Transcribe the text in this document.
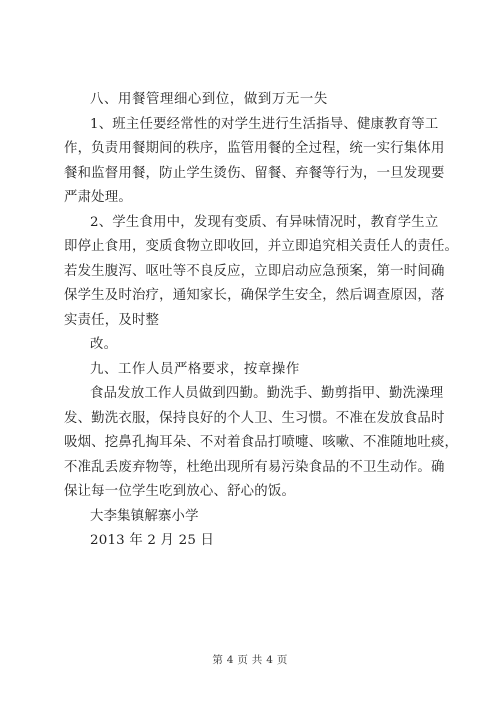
八、用餐管理细心到位，做到万无一失
1、班主任要经常性的对学生进行生活指导、健康教育等工
作，负责用餐期间的秩序，监管用餐的全过程，统一实行集体用
餐和监督用餐，防止学生烫伤、留餐、弃餐等行为，一旦发现要
严肃处理。
2、学生食用中，发现有变质、有异味情况时，教育学生立
即停止食用，变质食物立即收回，并立即追究相关责任人的责任。
若发生腹泻、呕吐等不良反应，立即启动应急预案，第一时间确
保学生及时治疗，通知家长，确保学生安全，然后调查原因，落
实责任，及时整
改。
九、工作人员严格要求，按章操作
食品发放工作人员做到四勤。勤洗手、勤剪指甲、勤洗澡理
发、勤洗衣服，保持良好的个人卫、生习惯。不准在发放食品时
吸烟、挖鼻孔掏耳朵、不对着食品打喷嚏、咳嗽、不准随地吐痰，
不准乱丢废弃物等，杜绝出现所有易污染食品的不卫生动作。确
保让每一位学生吃到放心、舒心的饭。
大李集镇解寨小学
2013 年 2 月 25 日
第 4 页 共 4 页
